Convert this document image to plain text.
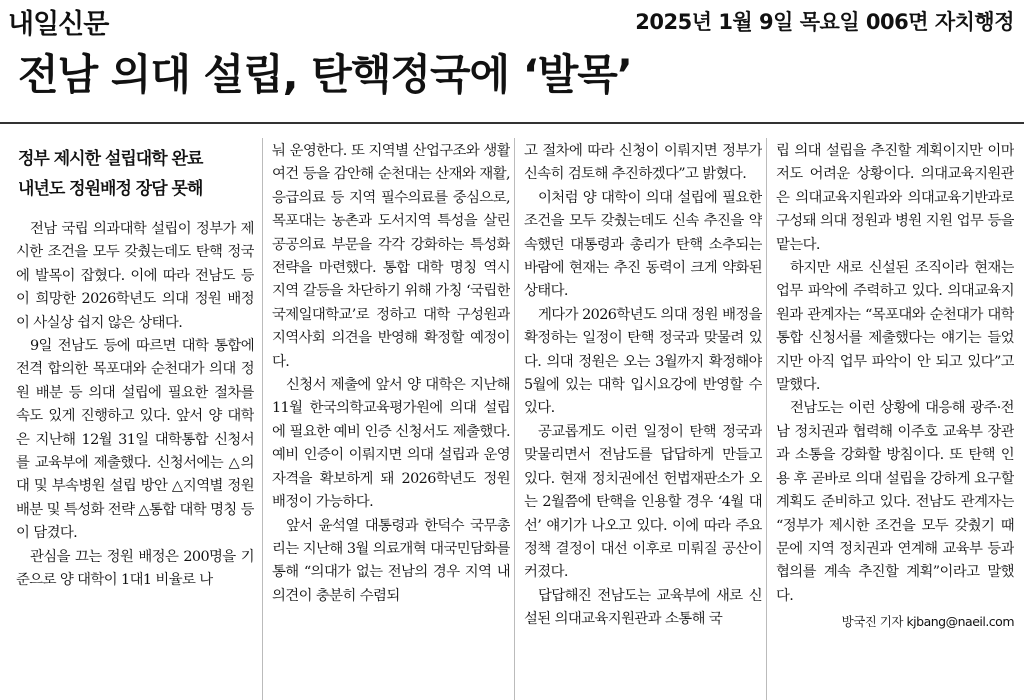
내일신문	2025년 1월 9일 목요일 006면 자치행정
전남 의대 설립, 탄핵정국에 ‘발목’
정부 제시한 설립대학 완료
내년도 정원배정 장담 못해

전남 국립 의과대학 설립이 정부가 제시한 조건을 모두 갖췄는데도 탄핵 정국에 발목이 잡혔다. 이에 따라 전남도 등이 희망한 2026학년도 의대 정원 배정이 사실상 쉽지 않은 상태다.

9일 전남도 등에 따르면 대학 통합에 전격 합의한 목포대와 순천대가 의대 정원 배분 등 의대 설립에 필요한 절차를 속도 있게 진행하고 있다. 앞서 양 대학은 지난해 12월 31일 대학통합 신청서를 교육부에 제출했다. 신청서에는 △의대 및 부속병원 설립 방안 △지역별 정원 배분 및 특성화 전략 △통합 대학 명칭 등이 담겼다.

관심을 끄는 정원 배정은 200명을 기준으로 양 대학이 1대1 비율로 나

눠 운영한다. 또 지역별 산업구조와 생활 여건 등을 감안해 순천대는 산재와 재활, 응급의료 등 지역 필수의료를 중심으로, 목포대는 농촌과 도서지역 특성을 살린 공공의료 부문을 각각 강화하는 특성화 전략을 마련했다. 통합 대학 명칭 역시 지역 갈등을 차단하기 위해 가칭 ‘국립한국제일대학교’로 정하고 대학 구성원과 지역사회 의견을 반영해 확정할 예정이다.

신청서 제출에 앞서 양 대학은 지난해 11월 한국의학교육평가원에 의대 설립에 필요한 예비 인증 신청서도 제출했다. 예비 인증이 이뤄지면 의대 설립과 운영 자격을 확보하게 돼 2026학년도 정원 배정이 가능하다.

앞서 윤석열 대통령과 한덕수 국무총리는 지난해 3월 의료개혁 대국민담화를 통해 “의대가 없는 전남의 경우 지역 내 의견이 충분히 수렴되

고 절차에 따라 신청이 이뤄지면 정부가 신속히 검토해 추진하겠다”고 밝혔다.

이처럼 양 대학이 의대 설립에 필요한 조건을 모두 갖췄는데도 신속 추진을 약속했던 대통령과 총리가 탄핵 소추되는 바람에 현재는 추진 동력이 크게 약화된 상태다.

게다가 2026학년도 의대 정원 배정을 확정하는 일정이 탄핵 정국과 맞물려 있다. 의대 정원은 오는 3월까지 확정해야 5월에 있는 대학 입시요강에 반영할 수 있다.

공교롭게도 이런 일정이 탄핵 정국과 맞물리면서 전남도를 답답하게 만들고 있다. 현재 정치권에선 헌법재판소가 오는 2월쯤에 탄핵을 인용할 경우 ‘4월 대선’ 얘기가 나오고 있다. 이에 따라 주요 정책 결정이 대선 이후로 미뤄질 공산이 커졌다.

답답해진 전남도는 교육부에 새로 신설된 의대교육지원관과 소통해 국

립 의대 설립을 추진할 계획이지만 이마저도 어려운 상황이다. 의대교육지원관은 의대교육지원과와 의대교육기반과로 구성돼 의대 정원과 병원 지원 업무 등을 맡는다.

하지만 새로 신설된 조직이라 현재는 업무 파악에 주력하고 있다. 의대교육지원과 관계자는 “목포대와 순천대가 대학통합 신청서를 제출했다는 얘기는 들었지만 아직 업무 파악이 안 되고 있다”고 말했다.

전남도는 이런 상황에 대응해 광주·전남 정치권과 협력해 이주호 교육부 장관과 소통을 강화할 방침이다. 또 탄핵 인용 후 곧바로 의대 설립을 강하게 요구할 계획도 준비하고 있다. 전남도 관계자는 “정부가 제시한 조건을 모두 갖췄기 때문에 지역 정치권과 연계해 교육부 등과 협의를 계속 추진할 계획”이라고 말했다.

방국진 기자 kjbang@naeil.com
